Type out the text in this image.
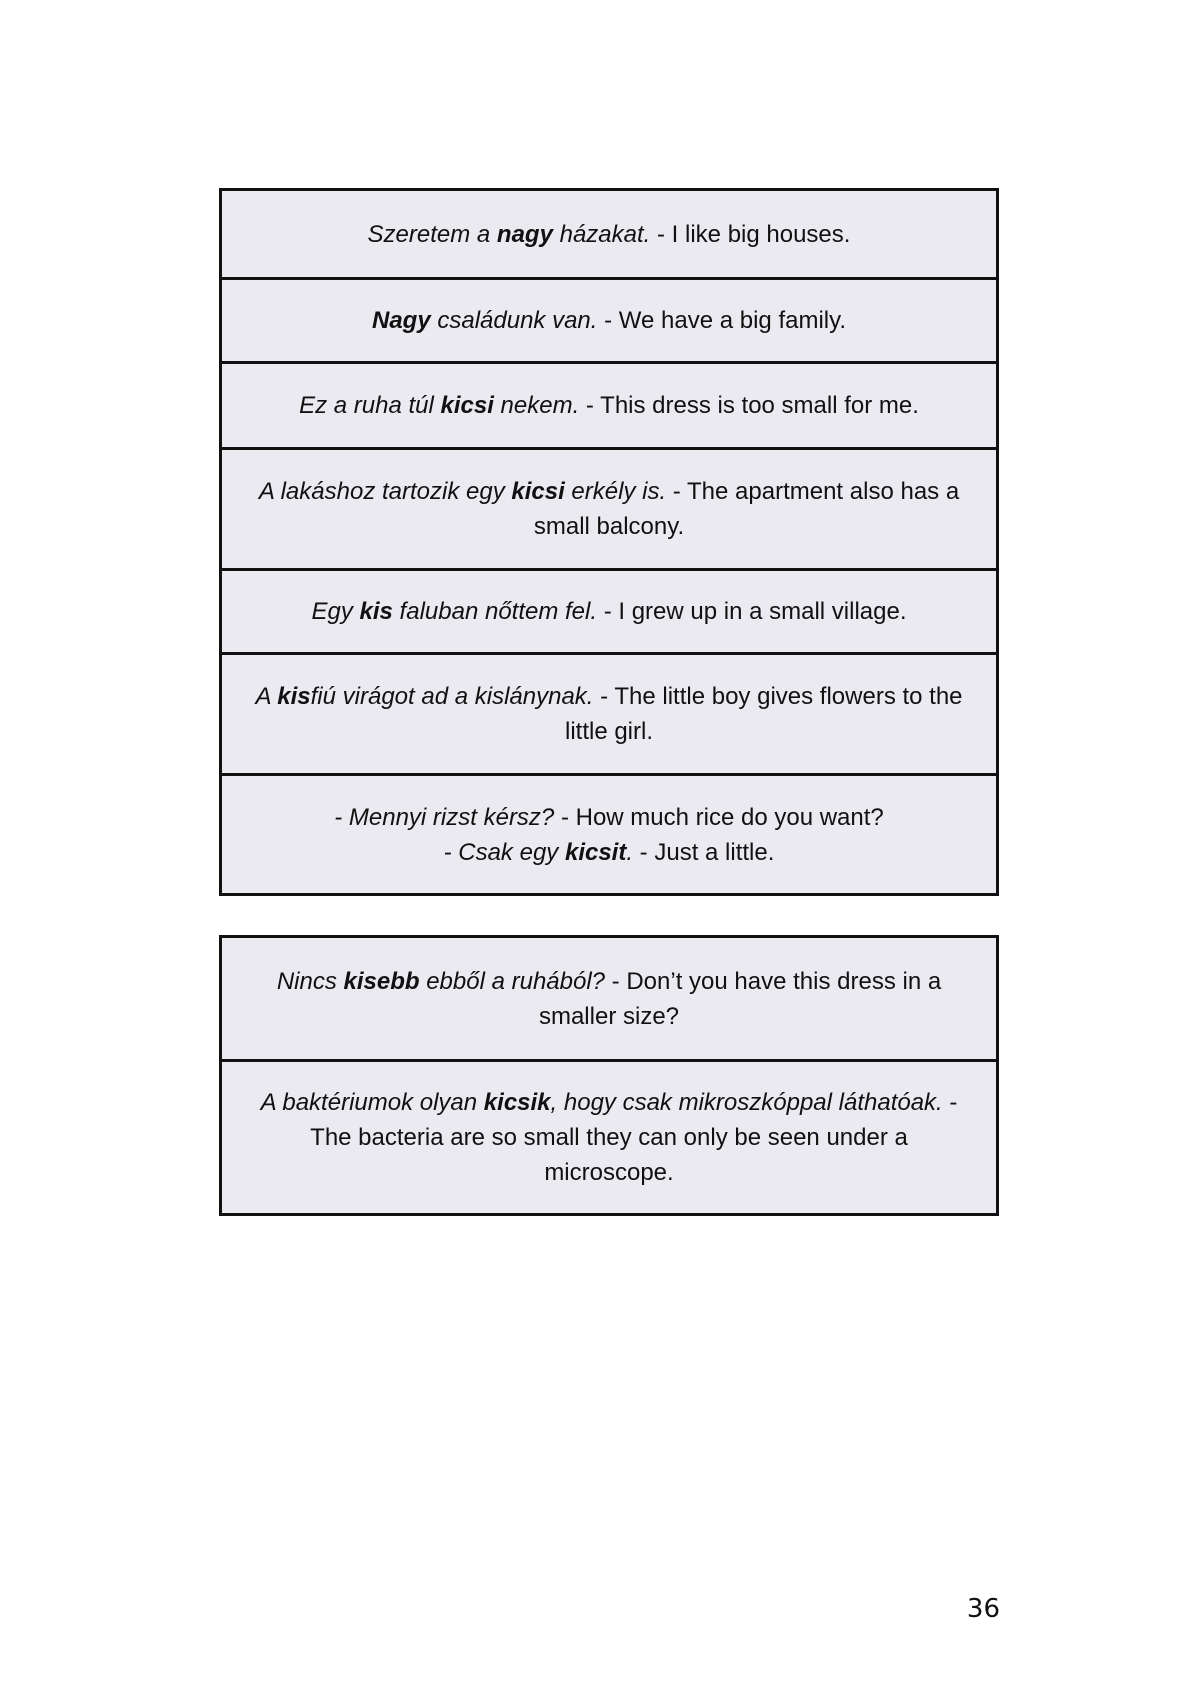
Szeretem a nagy házakat. - I like big houses.
Nagy családunk van. - We have a big family.
Ez a ruha túl kicsi nekem. - This dress is too small for me.
A lakáshoz tartozik egy kicsi erkély is. - The apartment also has a small balcony.
Egy kis faluban nőttem fel. - I grew up in a small village.
A kisfiú virágot ad a kislánynak. - The little boy gives flowers to the little girl.
- Mennyi rizst kérsz? - How much rice do you want?
- Csak egy kicsit. - Just a little.
Nincs kisebb ebből a ruhából? - Don’t you have this dress in a smaller size?
A baktériumok olyan kicsik, hogy csak mikroszkóppal láthatóak. - The bacteria are so small they can only be seen under a microscope.
36
